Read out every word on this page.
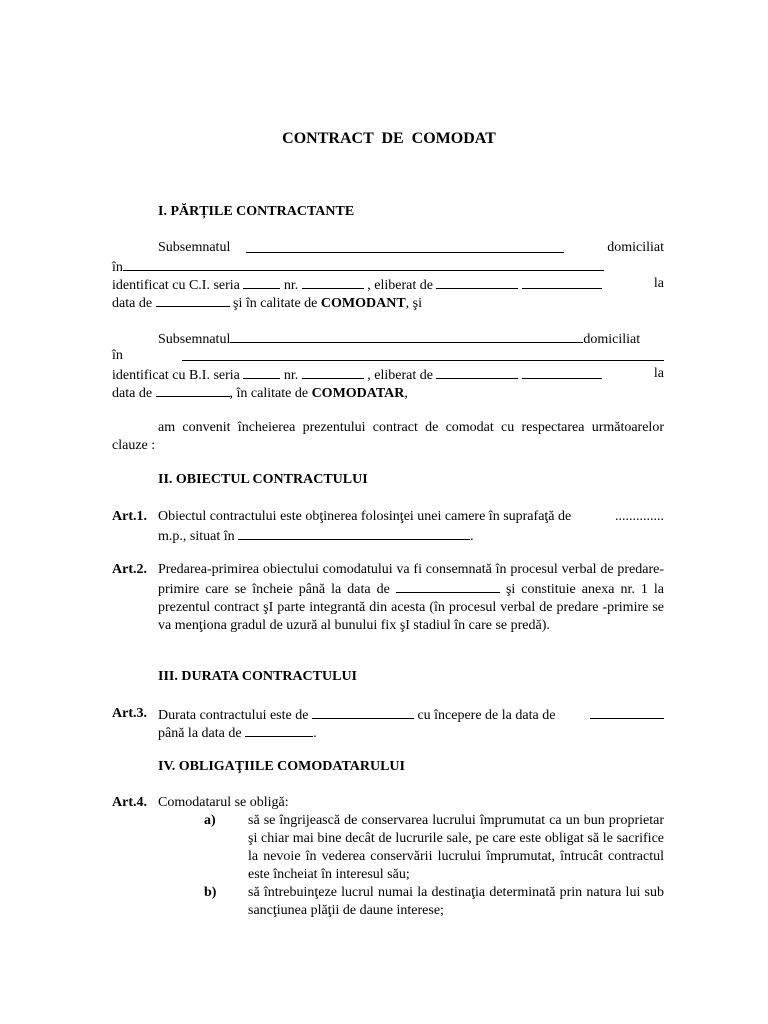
CONTRACT DE COMODAT
I. PĂRȚILE CONTRACTANTE
Subsemnatul	domiciliat
în
identificat cu C.I. seria	nr.	, eliberat de	la
data de	şi în calitate de COMODANT, şi
Subsemnatul	domiciliat
în
identificat cu B.I. seria	nr.	, eliberat de	la
data de	, în calitate de COMODATAR,
am convenit încheierea prezentului contract de comodat cu respectarea următoarelor clauze :
II. OBIECTUL CONTRACTULUI
Art.1. Obiectul contractului este obţinerea folosinţei unei camere în suprafaţă de	..............
m.p., situat în	.
Art.2. Predarea-primirea obiectului comodatului va fi consemnată în procesul verbal de predare-primire care se încheie până la data de	şi constituie anexa nr. 1 la prezentul contract şI parte integrantă din acesta (în procesul verbal de predare -primire se va menţiona gradul de uzură al bunului fix şI stadiul în care se predă).
III. DURATA CONTRACTULUI
Art.3. Durata contractului este de	cu începere de la data de
până la data de	.
IV. OBLIGAŢIILE COMODATARULUI
Art.4. Comodatarul se obligă:
a) să se îngrijească de conservarea lucrului împrumutat ca un bun proprietar şi chiar mai bine decât de lucrurile sale, pe care este obligat să le sacrifice la nevoie în vederea conservării lucrului împrumutat, întrucât contractul este încheiat în interesul său;
b) să întrebuinţeze lucrul numai la destinaţia determinată prin natura lui sub sancţiunea plăţii de daune interese;
